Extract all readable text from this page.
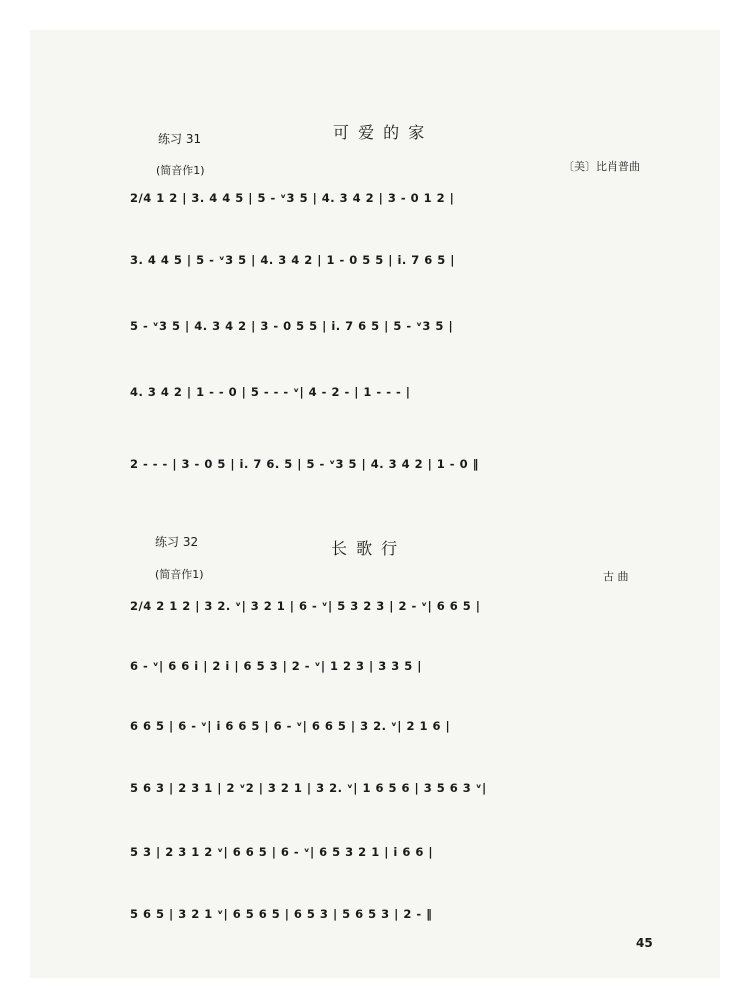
练习 31	可 爱 的 家
(简音作1)	〔美〕比肖普曲
2/4 1 2 | 3. 4 4 5 | 5 - ᵛ3 5 | 4. 3 4 2 | 3 - 0 1 2 |
3. 4 4 5 | 5 - ᵛ3 5 | 4. 3 4 2 | 1 - 0 5 5 | i. 7 6 5 |
5 - ᵛ3 5 | 4. 3 4 2 | 3 - 0 5 5 | i. 7 6 5 | 5 - ᵛ3 5 |
4. 3 4 2 | 1 - - 0 | 5 - - - ᵛ| 4 - 2 - | 1 - - - |
2 - - - | 3 - 0 5 | i. 7 6. 5 | 5 - ᵛ3 5 | 4. 3 4 2 | 1 - 0 ‖
练习 32	长 歌 行
(简音作1)	古 曲
2/4 2 1 2 | 3 2. ᵛ| 3 2 1 | 6 - ᵛ| 5 3 2 3 | 2 - ᵛ| 6 6 5 |
6 - ᵛ| 6 6 i | 2 i | 6 5 3 | 2 - ᵛ| 1 2 3 | 3 3 5 |
6 6 5 | 6 - ᵛ| i 6 6 5 | 6 - ᵛ| 6 6 5 | 3 2. ᵛ| 2 1 6 |
5 6 3 | 2 3 1 | 2 ᵛ2 | 3 2 1 | 3 2. ᵛ| 1 6 5 6 | 3 5 6 3 ᵛ|
5 3 | 2 3 1 2 ᵛ| 6 6 5 | 6 - ᵛ| 6 5 3 2 1 | i 6 6 |
5 6 5 | 3 2 1 ᵛ| 6 5 6 5 | 6 5 3 | 5 6 5 3 | 2 - ‖
45
